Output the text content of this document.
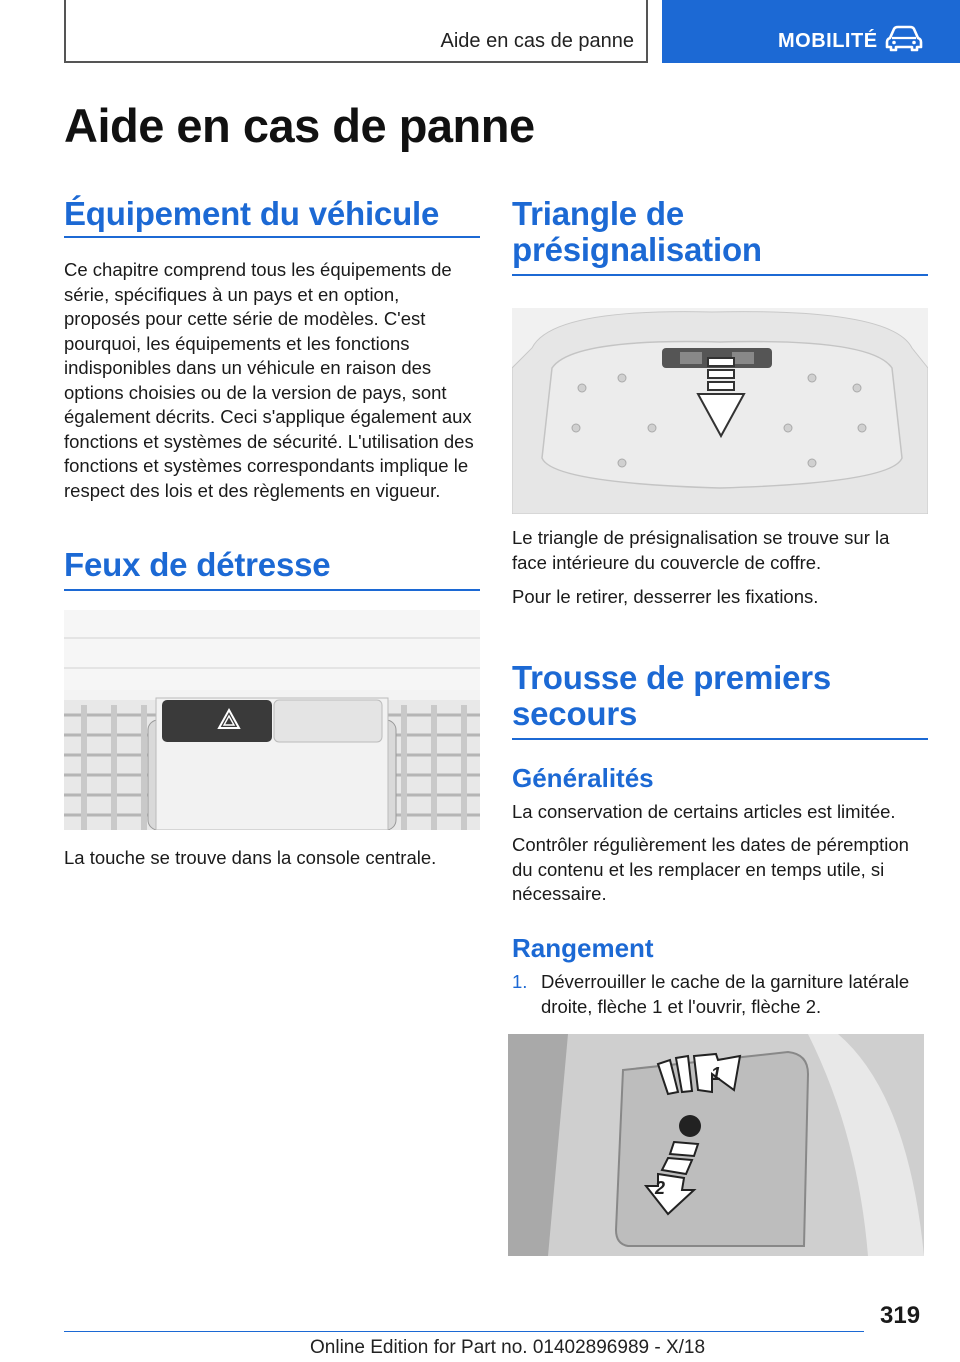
Aide en cas de panne	MOBILITÉ
Aide en cas de panne
Équipement du véhicule

Ce chapitre comprend tous les équipements de série, spécifiques à un pays et en option, proposés pour cette série de modèles. C'est pourquoi, les équipements et les fonctions indisponibles dans un véhicule en raison des options choisies ou de la version de pays, sont également décrits. Ceci s'applique également aux fonctions et systèmes de sécurité. L'utilisation des fonctions et systèmes correspondants implique le respect des lois et des règlements en vigueur.

Feux de détresse

La touche se trouve dans la console centrale.

Triangle de
présignalisation

Le triangle de présignalisation se trouve sur la face intérieure du couvercle de coffre.

Pour le retirer, desserrer les fixations.

Trousse de premiers
secours
Généralités

La conservation de certains articles est limitée.

Contrôler régulièrement les dates de péremption du contenu et les remplacer en temps utile, si nécessaire.

Rangement
1. Déverrouiller le cache de la garniture latérale droite, flèche 1 et l'ouvrir, flèche 2.

1
2
319
Online Edition for Part no. 01402896989 - X/18
